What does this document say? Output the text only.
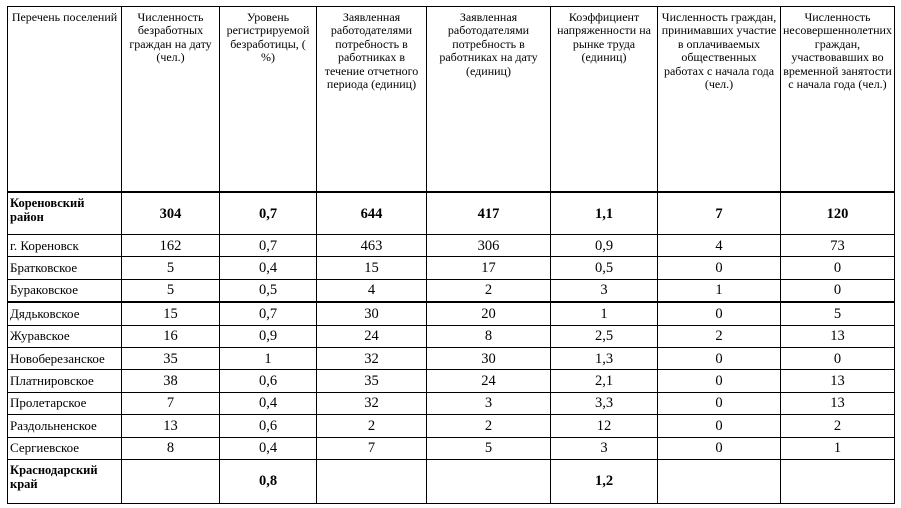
Перечень поселений	Численность безработных граждан на дату (чел.)	Уровень регистрируемой безработицы, ( %)	Заявленная работодателями потребность в работниках в течение отчетного периода (единиц)	Заявленная работодателями потребность в работниках на дату (единиц)	Коэффициент напряженности на рынке труда (единиц)	Численность граждан, принимавших участие в оплачиваемых общественных работах с начала года (чел.)	Численность несовершеннолетних граждан, участвовавших во временной занятости с начала года (чел.)
Кореновский район	304	0,7	644	417	1,1	7	120
г. Кореновск	162	0,7	463	306	0,9	4	73
Братковское	5	0,4	15	17	0,5	0	0
Бураковское	5	0,5	4	2	3	1	0
Дядьковское	15	0,7	30	20	1	0	5
Журавское	16	0,9	24	8	2,5	2	13
Новоберезанское	35	1	32	30	1,3	0	0
Платнировское	38	0,6	35	24	2,1	0	13
Пролетарское	7	0,4	32	3	3,3	0	13
Раздольненское	13	0,6	2	2	12	0	2
Сергиевское	8	0,4	7	5	3	0	1
Краснодарский край		0,8			1,2		
